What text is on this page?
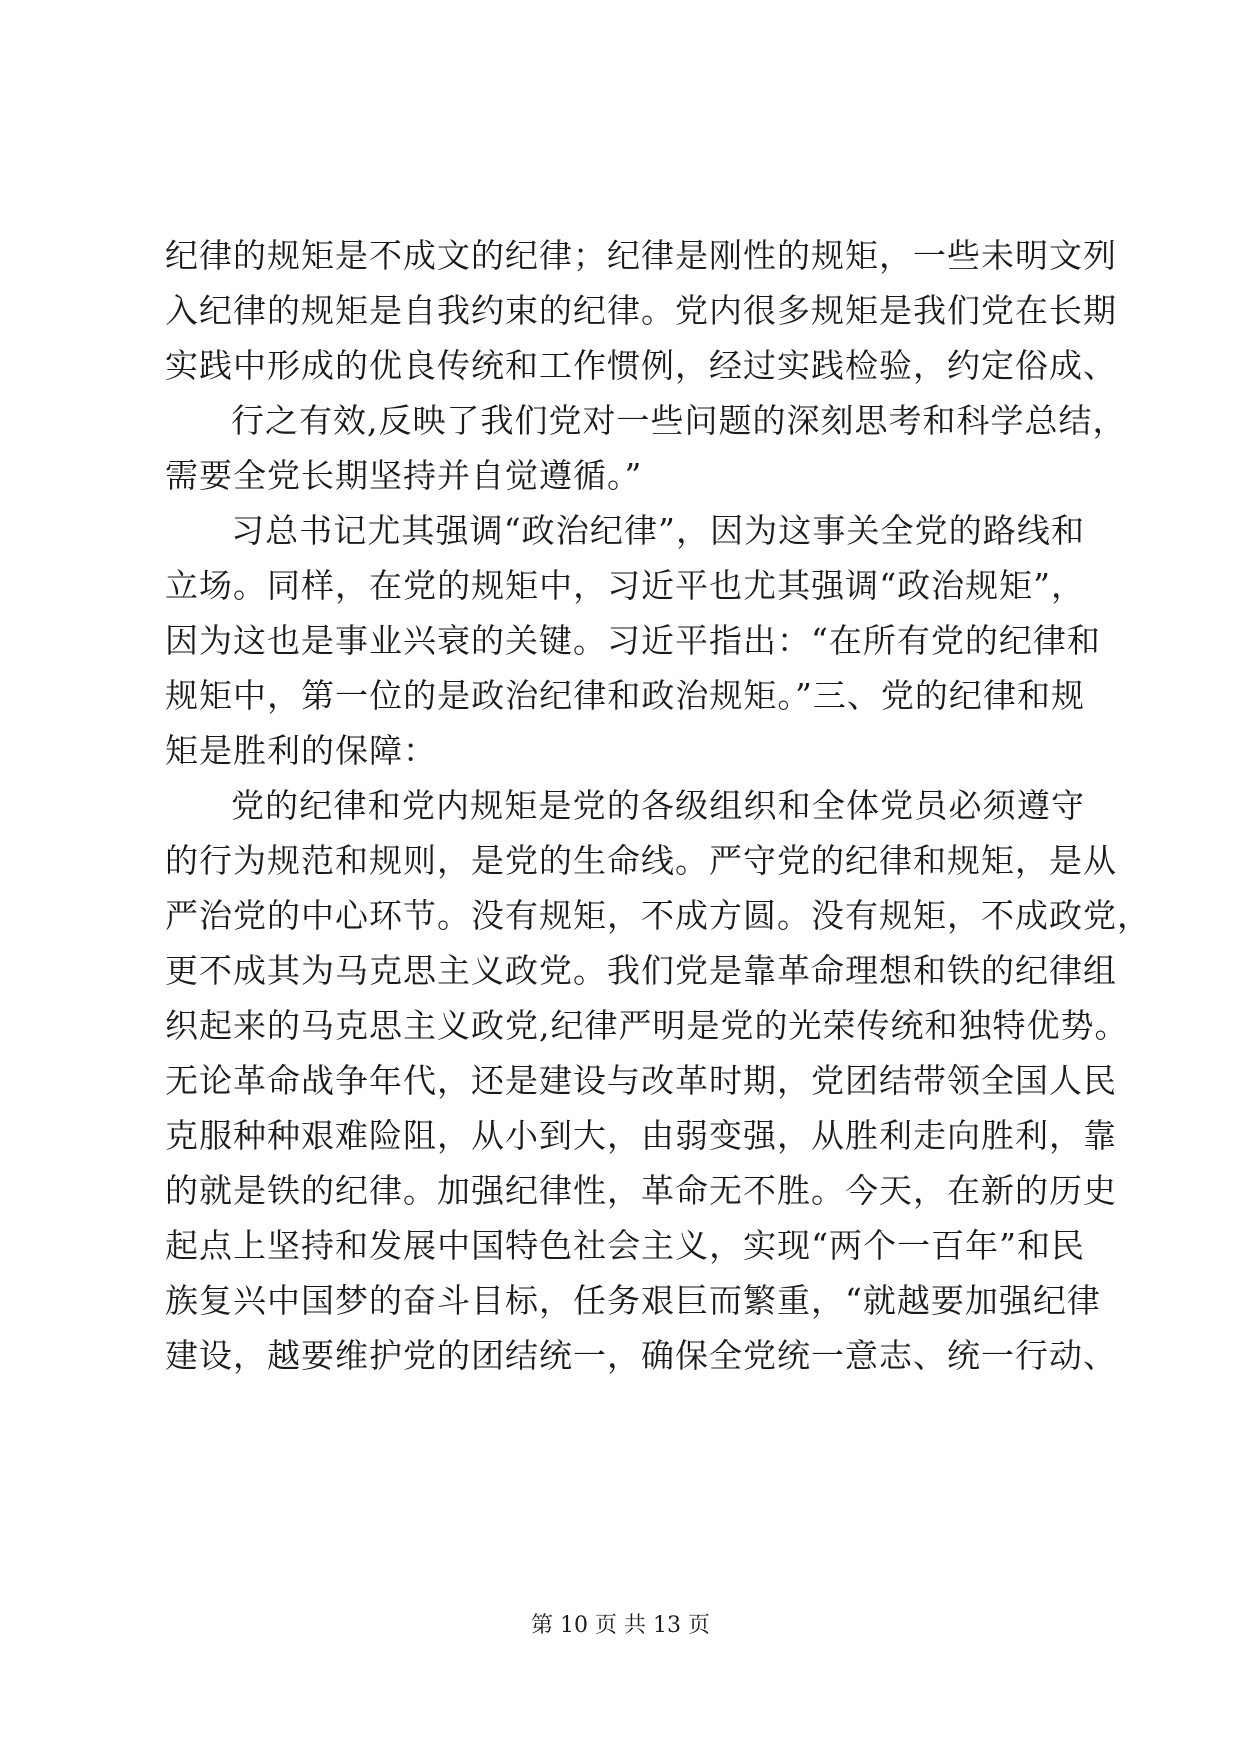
纪律的规矩是不成文的纪律；纪律是刚性的规矩，一些未明文列
入纪律的规矩是自我约束的纪律。党内很多规矩是我们党在长期
实践中形成的优良传统和工作惯例，经过实践检验，约定俗成、
行之有效,反映了我们党对一些问题的深刻思考和科学总结，
需要全党长期坚持并自觉遵循。”
习总书记尤其强调“政治纪律”，因为这事关全党的路线和
立场。同样，在党的规矩中，习近平也尤其强调“政治规矩”，
因为这也是事业兴衰的关键。习近平指出：“在所有党的纪律和
规矩中，第一位的是政治纪律和政治规矩。”三、党的纪律和规
矩是胜利的保障：
党的纪律和党内规矩是党的各级组织和全体党员必须遵守
的行为规范和规则，是党的生命线。严守党的纪律和规矩，是从
严治党的中心环节。没有规矩，不成方圆。没有规矩，不成政党，
更不成其为马克思主义政党。我们党是靠革命理想和铁的纪律组
织起来的马克思主义政党,纪律严明是党的光荣传统和独特优势。
无论革命战争年代，还是建设与改革时期，党团结带领全国人民
克服种种艰难险阻，从小到大，由弱变强，从胜利走向胜利，靠
的就是铁的纪律。加强纪律性，革命无不胜。今天，在新的历史
起点上坚持和发展中国特色社会主义，实现“两个一百年”和民
族复兴中国梦的奋斗目标，任务艰巨而繁重，“就越要加强纪律
建设，越要维护党的团结统一，确保全党统一意志、统一行动、
第 10 页 共 13 页
